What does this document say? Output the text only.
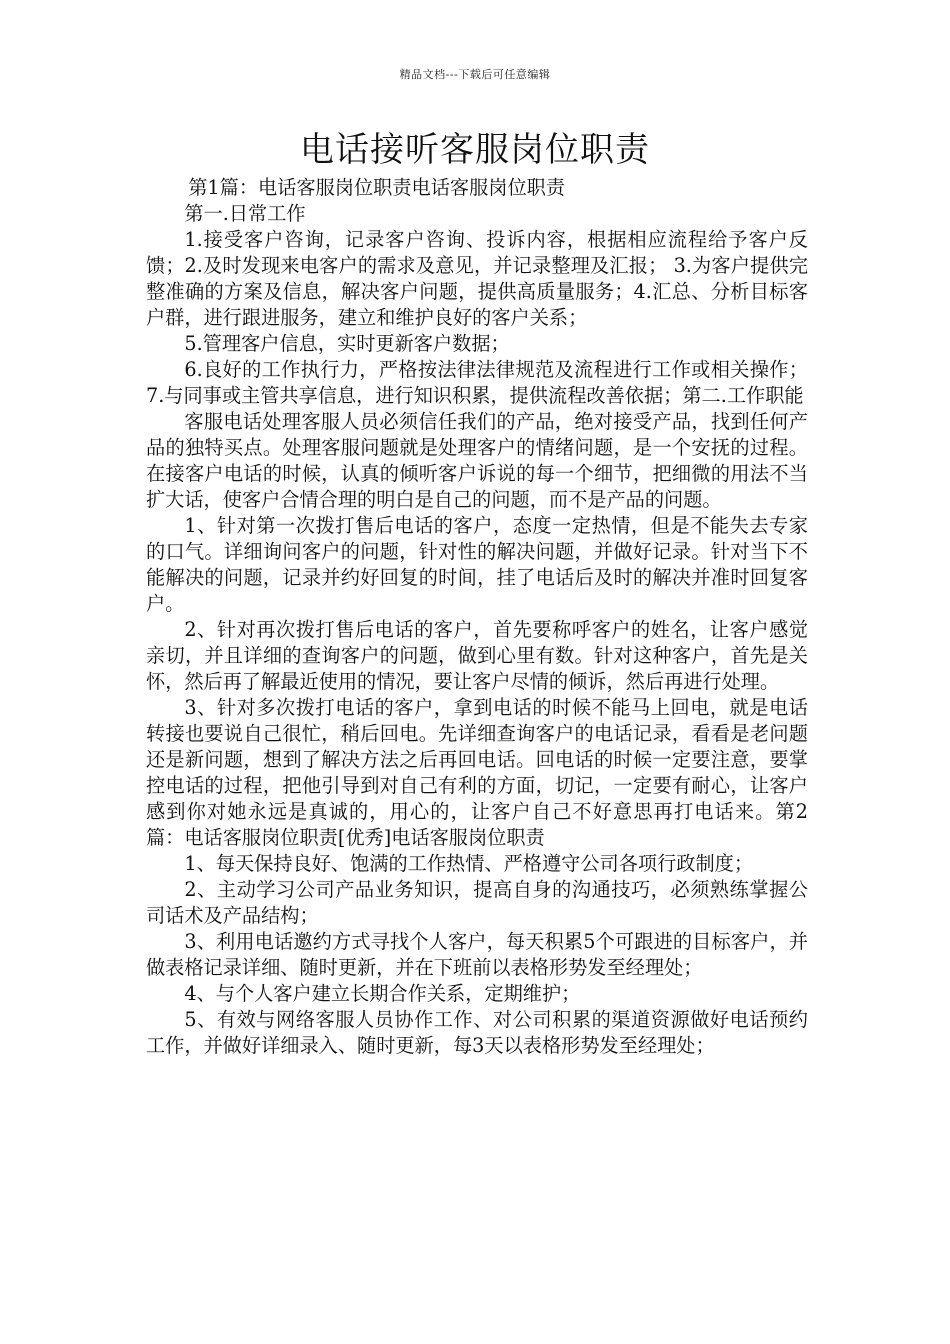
精品文档---下载后可任意编辑
电话接听客服岗位职责

第1篇：电话客服岗位职责电话客服岗位职责

第一.日常工作

1.接受客户咨询，记录客户咨询、投诉内容，根据相应流程给予客户反馈；2.及时发现来电客户的需求及意见，并记录整理及汇报； 3.为客户提供完整准确的方案及信息，解决客户问题，提供高质量服务；4.汇总、分析目标客户群，进行跟进服务，建立和维护良好的客户关系；

5.管理客户信息，实时更新客户数据；

6.良好的工作执行力，严格按法律法律规范及流程进行工作或相关操作；7.与同事或主管共享信息，进行知识积累，提供流程改善依据；第二.工作职能

客服电话处理客服人员必须信任我们的产品，绝对接受产品，找到任何产品的独特买点。处理客服问题就是处理客户的情绪问题，是一个安抚的过程。在接客户电话的时候，认真的倾听客户诉说的每一个细节，把细微的用法不当扩大话，使客户合情合理的明白是自己的问题，而不是产品的问题。

1、针对第一次拨打售后电话的客户，态度一定热情，但是不能失去专家的口气。详细询问客户的问题，针对性的解决问题，并做好记录。针对当下不能解决的问题，记录并约好回复的时间，挂了电话后及时的解决并准时回复客户。

2、针对再次拨打售后电话的客户，首先要称呼客户的姓名，让客户感觉亲切，并且详细的查询客户的问题，做到心里有数。针对这种客户，首先是关怀，然后再了解最近使用的情况，要让客户尽情的倾诉，然后再进行处理。

3、针对多次拨打电话的客户，拿到电话的时候不能马上回电，就是电话转接也要说自己很忙，稍后回电。先详细查询客户的电话记录，看看是老问题还是新问题，想到了解决方法之后再回电话。回电话的时候一定要注意，要掌控电话的过程，把他引导到对自己有利的方面，切记，一定要有耐心，让客户感到你对她永远是真诚的，用心的，让客户自己不好意思再打电话来。第2篇：电话客服岗位职责[优秀]电话客服岗位职责

1、每天保持良好、饱满的工作热情、严格遵守公司各项行政制度；

2、主动学习公司产品业务知识，提高自身的沟通技巧，必须熟练掌握公司话术及产品结构；

3、利用电话邀约方式寻找个人客户，每天积累5个可跟进的目标客户，并做表格记录详细、随时更新，并在下班前以表格形势发至经理处；

4、与个人客户建立长期合作关系，定期维护；

5、有效与网络客服人员协作工作、对公司积累的渠道资源做好电话预约工作，并做好详细录入、随时更新，每3天以表格形势发至经理处；
